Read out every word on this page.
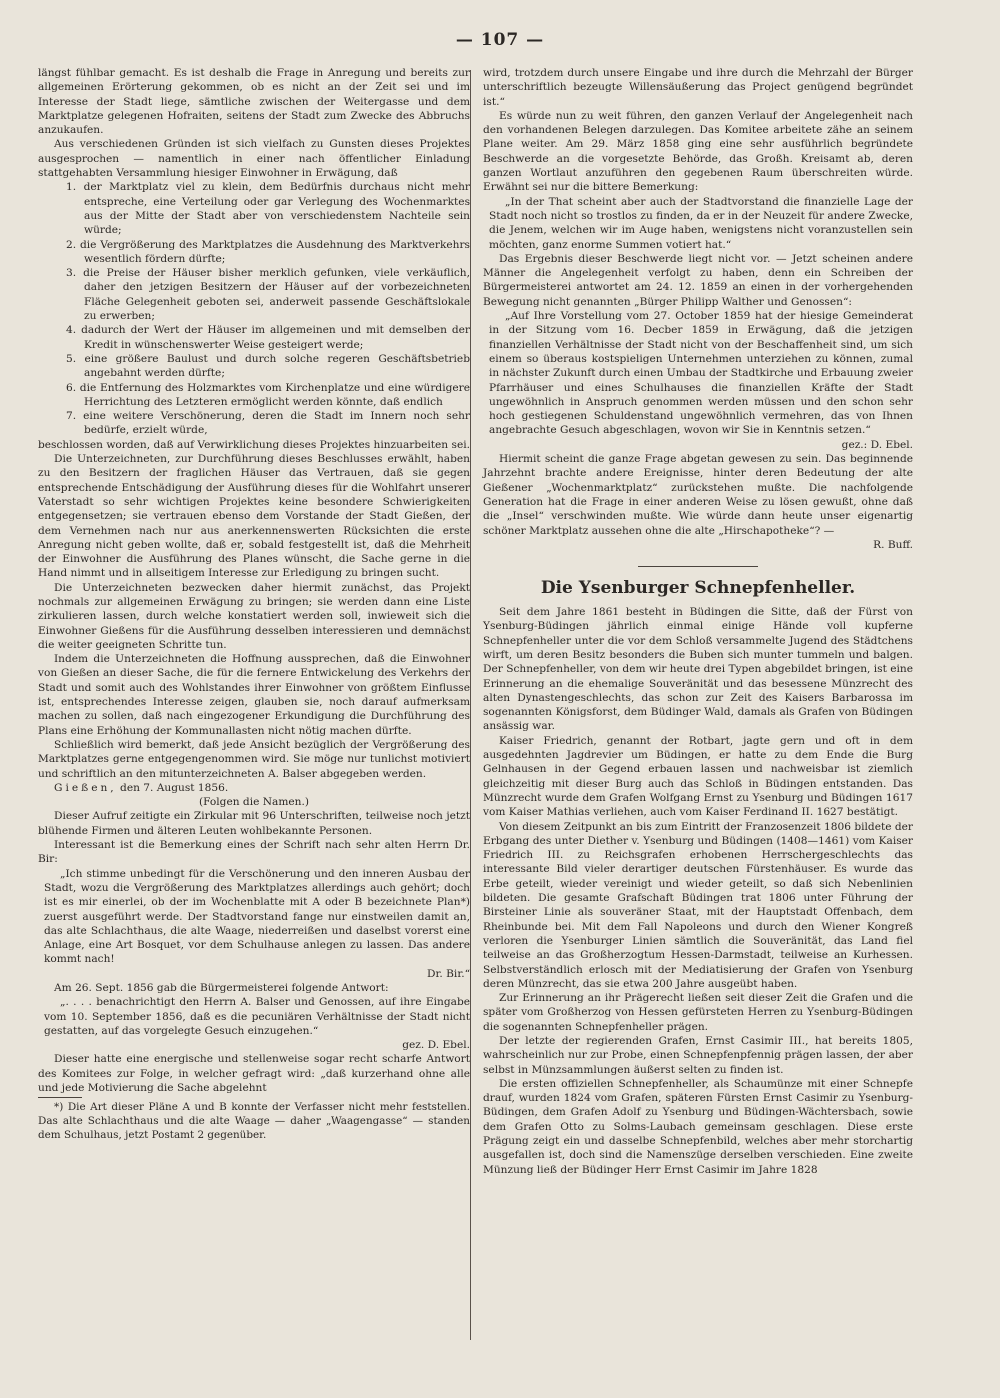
— 107 —

längst fühlbar gemacht. Es ist deshalb die Frage in Anregung und bereits zur allgemeinen Erörterung gekommen, ob es nicht an der Zeit sei und im Interesse der Stadt liege, sämtliche zwischen der Weitergasse und dem Marktplatze gelegenen Hofraiten, seitens der Stadt zum Zwecke des Abbruchs anzukaufen.

Aus verschiedenen Gründen ist sich vielfach zu Gunsten dieses Projektes ausgesprochen — namentlich in einer nach öffentlicher Einladung stattgehabten Versammlung hiesiger Einwohner in Erwägung, daß

1. der Marktplatz viel zu klein, dem Bedürfnis durchaus nicht mehr entspreche, eine Verteilung oder gar Verlegung des Wochenmarktes aus der Mitte der Stadt aber von verschiedenstem Nachteile sein würde;
2. die Vergrößerung des Marktplatzes die Ausdehnung des Marktverkehrs wesentlich fördern dürfte;
3. die Preise der Häuser bisher merklich gefunken, viele verkäuflich, daher den jetzigen Besitzern der Häuser auf der vorbezeichneten Fläche Gelegenheit geboten sei, anderweit passende Geschäftslokale zu erwerben;
4. dadurch der Wert der Häuser im allgemeinen und mit demselben der Kredit in wünschenswerter Weise gesteigert werde;
5. eine größere Baulust und durch solche regeren Geschäftsbetrieb angebahnt werden dürfte;
6. die Entfernung des Holzmarktes vom Kirchenplatze und eine würdigere Herrichtung des Letzteren ermöglicht werden könnte, daß endlich
7. eine weitere Verschönerung, deren die Stadt im Innern noch sehr bedürfe, erzielt würde,

beschlossen worden, daß auf Verwirklichung dieses Projektes hinzuarbeiten sei.

Die Unterzeichneten, zur Durchführung dieses Beschlusses erwählt, haben zu den Besitzern der fraglichen Häuser das Vertrauen, daß sie gegen entsprechende Entschädigung der Ausführung dieses für die Wohlfahrt unserer Vaterstadt so sehr wichtigen Projektes keine besondere Schwierigkeiten entgegensetzen; sie vertrauen ebenso dem Vorstande der Stadt Gießen, der dem Vernehmen nach nur aus anerkennenswerten Rücksichten die erste Anregung nicht geben wollte, daß er, sobald festgestellt ist, daß die Mehrheit der Einwohner die Ausführung des Planes wünscht, die Sache gerne in die Hand nimmt und in allseitigem Interesse zur Erledigung zu bringen sucht.

Die Unterzeichneten bezwecken daher hiermit zunächst, das Projekt nochmals zur allgemeinen Erwägung zu bringen; sie werden dann eine Liste zirkulieren lassen, durch welche konstatiert werden soll, inwieweit sich die Einwohner Gießens für die Ausführung desselben interessieren und demnächst die weiter geeigneten Schritte tun.

Indem die Unterzeichneten die Hoffnung aussprechen, daß die Einwohner von Gießen an dieser Sache, die für die fernere Entwickelung des Verkehrs der Stadt und somit auch des Wohlstandes ihrer Einwohner von größtem Einflusse ist, entsprechendes Interesse zeigen, glauben sie, noch darauf aufmerksam machen zu sollen, daß nach eingezogener Erkundigung die Durchführung des Plans eine Erhöhung der Kommunallasten nicht nötig machen dürfte.

Schließlich wird bemerkt, daß jede Ansicht bezüglich der Vergrößerung des Marktplatzes gerne entgegengenommen wird. Sie möge nur tunlichst motiviert und schriftlich an den mitunterzeichneten A. Balser abgegeben werden.

Gießen, den 7. August 1856.

(Folgen die Namen.)

Dieser Aufruf zeitigte ein Zirkular mit 96 Unterschriften, teilweise noch jetzt blühende Firmen und älteren Leuten wohlbekannte Personen.

Interessant ist die Bemerkung eines der Schrift nach sehr alten Herrn Dr. Bir:

„Ich stimme unbedingt für die Verschönerung und den inneren Ausbau der Stadt, wozu die Vergrößerung des Marktplatzes allerdings auch gehört; doch ist es mir einerlei, ob der im Wochenblatte mit A oder B bezeichnete Plan*) zuerst ausgeführt werde. Der Stadtvorstand fange nur einstweilen damit an, das alte Schlachthaus, die alte Waage, niederreißen und daselbst vorerst eine Anlage, eine Art Bosquet, vor dem Schulhause anlegen zu lassen. Das andere kommt nach!

Dr. Bir.“

Am 26. Sept. 1856 gab die Bürgermeisterei folgende Antwort:

„. . . . benachrichtigt den Herrn A. Balser und Genossen, auf ihre Eingabe vom 10. September 1856, daß es die pecuniären Verhältnisse der Stadt nicht gestatten, auf das vorgelegte Gesuch einzugehen.“

gez. D. Ebel.

Dieser hatte eine energische und stellenweise sogar recht scharfe Antwort des Komitees zur Folge, in welcher gefragt wird: „daß kurzerhand ohne alle und jede Motivierung die Sache abgelehnt

*) Die Art dieser Pläne A und B konnte der Verfasser nicht mehr feststellen. Das alte Schlachthaus und die alte Waage — daher „Waagengasse“ — standen dem Schulhaus, jetzt Postamt 2 gegenüber.

wird, trotzdem durch unsere Eingabe und ihre durch die Mehrzahl der Bürger unterschriftlich bezeugte Willensäußerung das Project genügend begründet ist.“

Es würde nun zu weit führen, den ganzen Verlauf der Angelegenheit nach den vorhandenen Belegen darzulegen. Das Komitee arbeitete zähe an seinem Plane weiter. Am 29. März 1858 ging eine sehr ausführlich begründete Beschwerde an die vorgesetzte Behörde, das Großh. Kreisamt ab, deren ganzen Wortlaut anzuführen den gegebenen Raum überschreiten würde. Erwähnt sei nur die bittere Bemerkung:

„In der That scheint aber auch der Stadtvorstand die finanzielle Lage der Stadt noch nicht so trostlos zu finden, da er in der Neuzeit für andere Zwecke, die Jenem, welchen wir im Auge haben, wenigstens nicht voranzustellen sein möchten, ganz enorme Summen votiert hat.“

Das Ergebnis dieser Beschwerde liegt nicht vor. — Jetzt scheinen andere Männer die Angelegenheit verfolgt zu haben, denn ein Schreiben der Bürgermeisterei antwortet am 24. 12. 1859 an einen in der vorhergehenden Bewegung nicht genannten „Bürger Philipp Walther und Genossen“:

„Auf Ihre Vorstellung vom 27. October 1859 hat der hiesige Gemeinderat in der Sitzung vom 16. Decber 1859 in Erwägung, daß die jetzigen finanziellen Verhältnisse der Stadt nicht von der Beschaffenheit sind, um sich einem so überaus kostspieligen Unternehmen unterziehen zu können, zumal in nächster Zukunft durch einen Umbau der Stadtkirche und Erbauung zweier Pfarrhäuser und eines Schulhauses die finanziellen Kräfte der Stadt ungewöhnlich in Anspruch genommen werden müssen und den schon sehr hoch gestiegenen Schuldenstand ungewöhnlich vermehren, das von Ihnen angebrachte Gesuch abgeschlagen, wovon wir Sie in Kenntnis setzen.“

gez.: D. Ebel.

Hiermit scheint die ganze Frage abgetan gewesen zu sein. Das beginnende Jahrzehnt brachte andere Ereignisse, hinter deren Bedeutung der alte Gießener „Wochenmarktplatz“ zurückstehen mußte. Die nachfolgende Generation hat die Frage in einer anderen Weise zu lösen gewußt, ohne daß die „Insel“ verschwinden mußte. Wie würde dann heute unser eigenartig schöner Marktplatz aussehen ohne die alte „Hirschapotheke“? —

R. Buff.
Die Ysenburger Schnepfenheller.

Seit dem Jahre 1861 besteht in Büdingen die Sitte, daß der Fürst von Ysenburg-Büdingen jährlich einmal einige Hände voll kupferne Schnepfenheller unter die vor dem Schloß versammelte Jugend des Städtchens wirft, um deren Besitz besonders die Buben sich munter tummeln und balgen. Der Schnepfenheller, von dem wir heute drei Typen abgebildet bringen, ist eine Erinnerung an die ehemalige Souveränität und das besessene Münzrecht des alten Dynastengeschlechts, das schon zur Zeit des Kaisers Barbarossa im sogenannten Königsforst, dem Büdinger Wald, damals als Grafen von Büdingen ansässig war.

Kaiser Friedrich, genannt der Rotbart, jagte gern und oft in dem ausgedehnten Jagdrevier um Büdingen, er hatte zu dem Ende die Burg Gelnhausen in der Gegend erbauen lassen und nachweisbar ist ziemlich gleichzeitig mit dieser Burg auch das Schloß in Büdingen entstanden. Das Münzrecht wurde dem Grafen Wolfgang Ernst zu Ysenburg und Büdingen 1617 vom Kaiser Mathias verliehen, auch vom Kaiser Ferdinand II. 1627 bestätigt.

Von diesem Zeitpunkt an bis zum Eintritt der Franzosenzeit 1806 bildete der Erbgang des unter Diether v. Ysenburg und Büdingen (1408—1461) vom Kaiser Friedrich III. zu Reichsgrafen erhobenen Herrschergeschlechts das interessante Bild vieler derartiger deutschen Fürstenhäuser. Es wurde das Erbe geteilt, wieder vereinigt und wieder geteilt, so daß sich Nebenlinien bildeten. Die gesamte Grafschaft Büdingen trat 1806 unter Führung der Birsteiner Linie als souveräner Staat, mit der Hauptstadt Offenbach, dem Rheinbunde bei. Mit dem Fall Napoleons und durch den Wiener Kongreß verloren die Ysenburger Linien sämtlich die Souveränität, das Land fiel teilweise an das Großherzogtum Hessen-Darmstadt, teilweise an Kurhessen. Selbstverständlich erlosch mit der Mediatisierung der Grafen von Ysenburg deren Münzrecht, das sie etwa 200 Jahre ausgeübt haben.

Zur Erinnerung an ihr Prägerecht ließen seit dieser Zeit die Grafen und die später vom Großherzog von Hessen gefürsteten Herren zu Ysenburg-Büdingen die sogenannten Schnepfenheller prägen.

Der letzte der regierenden Grafen, Ernst Casimir III., hat bereits 1805, wahrscheinlich nur zur Probe, einen Schnepfenpfennig prägen lassen, der aber selbst in Münzsammlungen äußerst selten zu finden ist.

Die ersten offiziellen Schnepfenheller, als Schaumünze mit einer Schnepfe drauf, wurden 1824 vom Grafen, späteren Fürsten Ernst Casimir zu Ysenburg-Büdingen, dem Grafen Adolf zu Ysenburg und Büdingen-Wächtersbach, sowie dem Grafen Otto zu Solms-Laubach gemeinsam geschlagen. Diese erste Prägung zeigt ein und dasselbe Schnepfenbild, welches aber mehr storchartig ausgefallen ist, doch sind die Namenszüge derselben verschieden. Eine zweite Münzung ließ der Büdinger Herr Ernst Casimir im Jahre 1828
